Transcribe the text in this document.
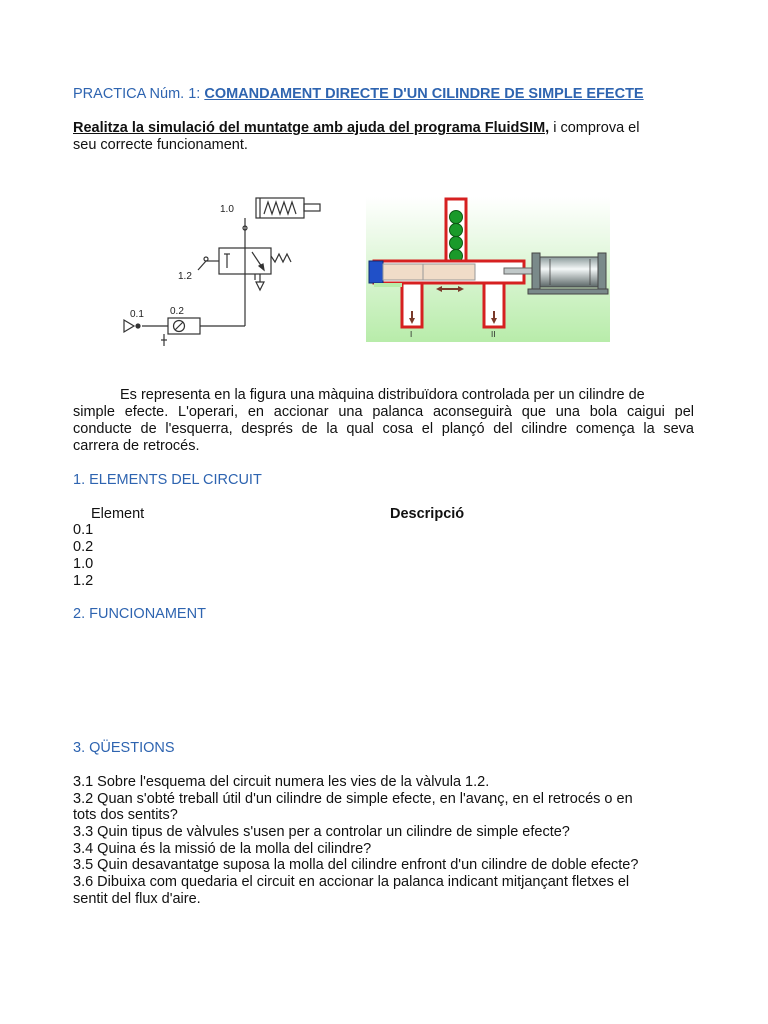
PRACTICA Núm. 1: COMANDAMENT DIRECTE D'UN CILINDRE DE SIMPLE EFECTE
Realitza la simulació del muntatge amb ajuda del programa FluidSIM, i comprova el
seu correcte funcionament.
1.0
1.2
0.1	0.2
I	II
Es representa en la figura una màquina distribuïdora controlada per un cilindre de
simple efecte. L'operari, en accionar una palanca aconseguirà que una bola caigui pel
conducte de l'esquerra, després de la qual cosa el plançó del cilindre comença la seva
carrera de retrocés.
1. ELEMENTS DEL CIRCUIT
Element	Descripció
0.1
0.2
1.0
1.2
2. FUNCIONAMENT
3. QÜESTIONS
3.1 Sobre l'esquema del circuit numera les vies de la vàlvula 1.2.
3.2 Quan s'obté treball útil d'un cilindre de simple efecte, en l'avanç, en el retrocés o en
tots dos sentits?
3.3 Quin tipus de vàlvules s'usen per a controlar un cilindre de simple efecte?
3.4 Quina és la missió de la molla del cilindre?
3.5 Quin desavantatge suposa la molla del cilindre enfront d'un cilindre de doble efecte?
3.6 Dibuixa com quedaria el circuit en accionar la palanca indicant mitjançant fletxes el
sentit del flux d'aire.
